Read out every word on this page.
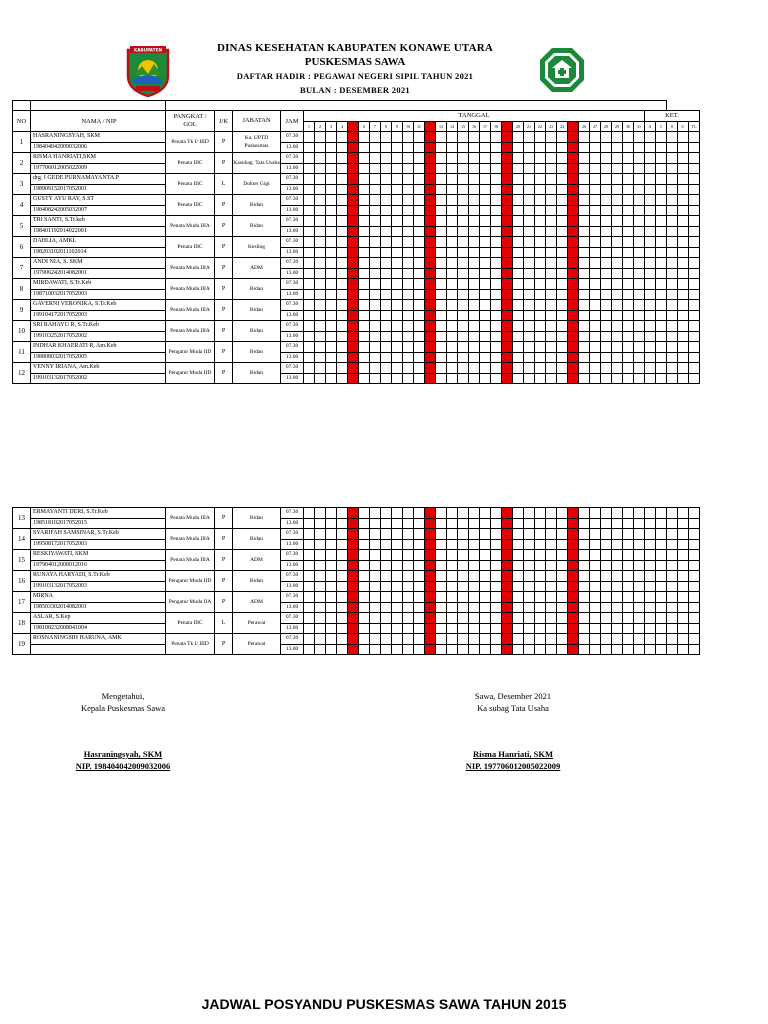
KABUPATEN	DINAS KESEHATAN KABUPATEN KONAWE UTARA
PUSKESMAS SAWA
DAFTAR HADIR : PEGAWAI NEGERI SIPIL TAHUN 2021
BULAN : DESEMBER 2021

NO	NAMA / NIP	PANGKAT / GOL	J/K	JABATAN	JAM	TANGGAL																															KET.				
						1	2	3	4		6	7	8	9	10	11		13	14	15	16	17	18		20	21	22	23	24		26	27	28	29	30	31	A	I	S	C	TL
1	HASRANINGSYAH, SKM	Penata Tk I/ IIID	P	Ka. UPTD Puskesmas	07.30																																				
	198404042009032006				13.00																																				
2	RISMA HANRIATI,SKM	Penata IIIC	P	Kasubag. Tata Usaha	07.30																																				
	197706012005022009				13.00																																				
3	drg. I GEDE PURNAMAYANTA.P	Penata IIIC	L	Dokter Gigi	07.30																																				
	198909152017052001				13.00																																				
4	GUSTY AYU RAY, S.ST	Penata IIIC	P	Bidan	07.30																																				
	198408242005032007				13.00																																				
5	TRI SANTI, S.Tr.keb	Penata Muda IIIA	P	Bidan	07.30																																				
	198401192014022001				13.00																																				
6	DAHLIA, AMKL	Penata IIIC	P	Kesling	07.30																																				
	198203102011102014				13.00																																				
7	ANDI NIA, S. SKM	Penata Muda IIIA	P	ADM	07.30																																				
	197906242014082001				13.00																																				
8	MIRDAWATI, S.Tr.Keb	Penata Muda IIIA	P	Bidan	07.30																																				
	198710032017052003				13.00																																				
9	GAVERNI VERONIKA, S.Tr.Keb	Penata Muda IIIA	P	Bidan	07.30																																				
	199104172017052003				13.00																																				
10	SRI RAHAYU R, S.Tr.Keb	Penata Muda IIIA	P	Bidan	07.30																																				
	199103252017052002				13.00																																				
11	INDHAR KHAERATI R, Am.Keb	Pengatur Muda IID	P	Bidan	07.30																																				
	198808032017052005				13.00																																				
12	VENNY IRIANA, Am.Keb	Pengatur Muda IID	P	Bidan	07.30																																				
	199103132017052002				13.00																																				
13	ERMAYANTI DERI, S.Tr.Keb	Penata Muda IIIA	P	Bidan	07.30																																				
	198518102017052015				13.00																																				
14	SYARIFAH SAMSINAR, S.Tr.Keb	Penata Muda IIIA	P	Bidan	07.30																																				
	199508172017052003				13.00																																				
15	RESKIYAWATI, SKM	Penata Muda IIIA	P	ADM	07.30																																				
	197904012008012016				13.00																																				
16	RUNAYA HARYADI, S.Tr.Keb	Pengatur Muda IID	P	Bidan	07.30																																				
	199103132017052003				13.00																																				
17	MIRNA	Pengatur Muda IIA	P	ADM	07.30																																				
	198503302014082001				13.00																																				
18	ASLAR, S.Kep	Penata IIIC	L	Perawat	07.30																																				
	198108232008041004				13.00																																				
19	ROSNANINGSIH HARUNA, AMK	Penata Tk I/ IIID	P	Perawat	07.30																																				
					13.00																																				
Mengetahui,
Kepala Puskesmas Sawa
Hasraningsyah, SKM
NIP. 198404042009032006
Sawa, Desember 2021
Ka subag Tata Usaha
Risma Hanriati, SKM
NIP. 197706012005022009
JADWAL POSYANDU PUSKESMAS SAWA TAHUN 2015
